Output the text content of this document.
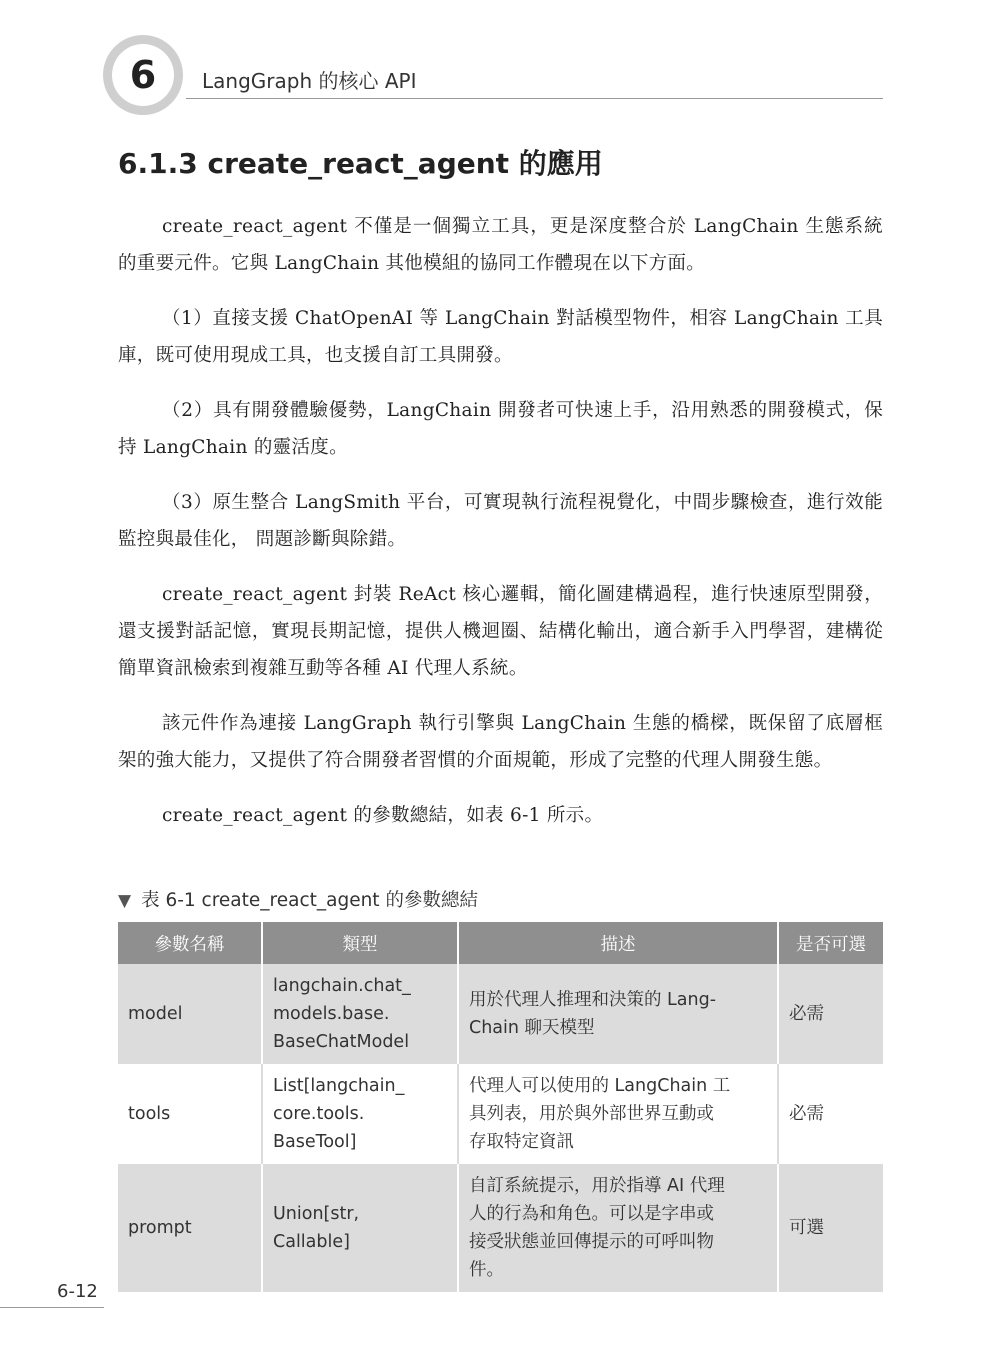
6	LangGraph 的核心 API
6.1.3 create_react_agent 的應用

create_react_agent 不僅是一個獨立工具，更是深度整合於 LangChain 生態系統的重要元件。它與 LangChain 其他模組的協同工作體現在以下方面。

（1）直接支援 ChatOpenAI 等 LangChain 對話模型物件，相容 LangChain 工具庫，既可使用現成工具，也支援自訂工具開發。

（2）具有開發體驗優勢，LangChain 開發者可快速上手，沿用熟悉的開發模式，保持 LangChain 的靈活度。

（3）原生整合 LangSmith 平台，可實現執行流程視覺化，中間步驟檢查，進行效能監控與最佳化， 問題診斷與除錯。

create_react_agent 封裝 ReAct 核心邏輯，簡化圖建構過程，進行快速原型開發，還支援對話記憶，實現長期記憶，提供人機迴圈、結構化輸出，適合新手入門學習，建構從簡單資訊檢索到複雜互動等各種 AI 代理人系統。

該元件作為連接 LangGraph 執行引擎與 LangChain 生態的橋樑，既保留了底層框架的強大能力，又提供了符合開發者習慣的介面規範，形成了完整的代理人開發生態。

create_react_agent 的參數總結，如表 6-1 所示。

▼ 表 6-1 create_react_agent 的參數總結
參數名稱	類型	描述	是否可選
model	langchain.chat_
models.base.
BaseChatModel	用於代理人推理和決策的 Lang-
Chain 聊天模型	必需
tools	List[langchain_
core.tools.
BaseTool]	代理人可以使用的 LangChain 工
具列表，用於與外部世界互動或
存取特定資訊	必需
prompt	Union[str,
Callable]	自訂系統提示，用於指導 AI 代理
人的行為和角色。可以是字串或
接受狀態並回傳提示的可呼叫物
件。	可選
6-12
